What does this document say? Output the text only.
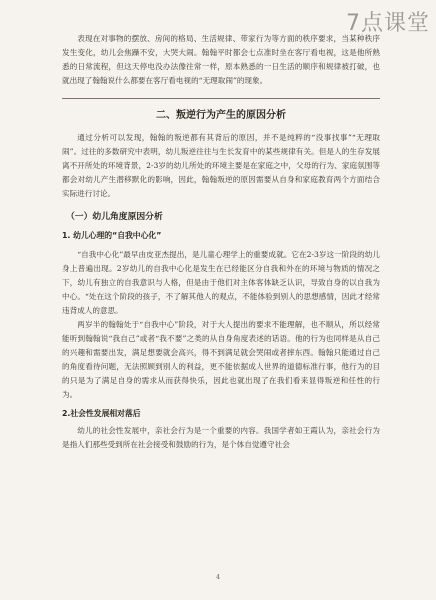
7点课堂

表现在对事物的摆放、房间的格局、生活规律、带家行为等方面的秩序要求，当某种秩序发生变化，幼儿会焦躁不安，大哭大闹。翰翰平时都会七点准时坐在客厅看电视，这是他所熟悉的日常流程，但这天停电没办法像往常一样，原本熟悉的一日生活的顺序和规律被打破，也就出现了翰翰说什么都要在客厅看电视的“无理取闹”的现象。

二、叛逆行为产生的原因分析

通过分析可以发现，翰翰的叛逆都有其背后的原因，并不是纯粹的“没事找事”“无理取闹”。过往的多数研究中表明，幼儿叛逆往往与生长发育中的某些规律有关。但是人的生存发展离不开所处的环境背景，2-3岁的幼儿所处的环境主要是在家庭之中，父母的行为、家庭氛围等都会对幼儿产生潜移默化的影响，因此，翰翰叛逆的原因需要从自身和家庭教育两个方面结合实际进行讨论。

（一）幼儿角度原因分析
1. 幼儿心理的“自我中心化”

“自我中心化”最早由皮亚杰提出，是儿童心理学上的重要成就。它在2-3岁这一阶段的幼儿身上普遍出现。2岁幼儿的自我中心化是发生在已经能区分自我和外在的环境与物质的情况之下，幼儿有独立的自我意识与人格，但是由于他们对主体客体缺乏认识，导致自身的以自我为中心。“处在这个阶段的孩子，不了解其他人的观点，不能体验到别人的思想感情，因此才经常违背成人的意思。

两岁半的翰翰处于“自我中心”阶段，对于大人提出的要求不能理解，也不顺从，所以经常能听到翰翰说“我自己”或者“我不要”之类的从自身角度表述的话语。他的行为也同样是从自己的兴趣和需要出发，满足想要就会高兴，得不到满足就会哭闹或者摔东西。翰翰只能通过自己的角度看待问题，无法照顾到别人的利益，更不能依据成人世界的道德标准行事，他行为的目的只是为了满足自身的需求从而获得快乐，因此也就出现了在我们看来显得叛逆和任性的行为。

2.社会性发展相对落后

幼儿的社会性发展中，亲社会行为是一个重要的内容。我国学者如王霞认为，亲社会行为是指人们那些受到所在社会接受和鼓励的行为，是个体自觉遵守社会

4
